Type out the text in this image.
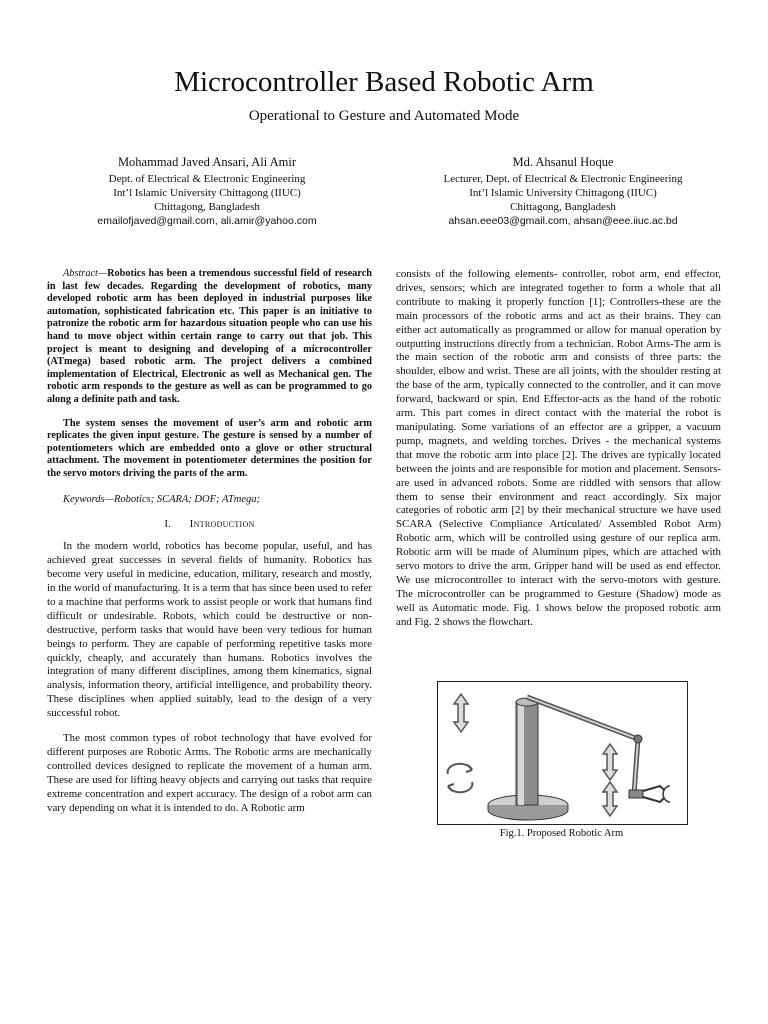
Microcontroller Based Robotic Arm
Operational to Gesture and Automated Mode
Mohammad Javed Ansari, Ali Amir
Dept. of Electrical & Electronic Engineering
Int’l Islamic University Chittagong (IIUC)
Chittagong, Bangladesh
emailofjaved@gmail.com, ali.amir@yahoo.com
Md. Ahsanul Hoque
Lecturer, Dept. of Electrical & Electronic Engineering
Int’l Islamic University Chittagong (IIUC)
Chittagong, Bangladesh
ahsan.eee03@gmail.com, ahsan@eee.iiuc.ac.bd

Abstract—Robotics has been a tremendous successful field of research in last few decades. Regarding the development of robotics, many developed robotic arm has been deployed in industrial purposes like automation, sophisticated fabrication etc. This paper is an initiative to patronize the robotic arm for hazardous situation people who can use his hand to move object within certain range to carry out that job. This project is meant to designing and developing of a microcontroller (ATmega) based robotic arm. The project delivers a combined implementation of Electrical, Electronic as well as Mechanical gen. The robotic arm responds to the gesture as well as can be programmed to go along a definite path and task.

The system senses the movement of user’s arm and robotic arm replicates the given input gesture. The gesture is sensed by a number of potentiometers which are embedded onto a glove or other structural attachment. The movement in potentiometer determines the position for the servo motors driving the parts of the arm.

Keywords—Robotics; SCARA; DOF; ATmega;

I. Introduction

In the modern world, robotics has become popular, useful, and has achieved great successes in several fields of humanity. Robotics has become very useful in medicine, education, military, research and mostly, in the world of manufacturing. It is a term that has since been used to refer to a machine that performs work to assist people or work that humans find difficult or undesirable. Robots, which could be destructive or non- destructive, perform tasks that would have been very tedious for human beings to perform. They are capable of performing repetitive tasks more quickly, cheaply, and accurately than humans. Robotics involves the integration of many different disciplines, among them kinematics, signal analysis, information theory, artificial intelligence, and probability theory. These disciplines when applied suitably, lead to the design of a very successful robot.

The most common types of robot technology that have evolved for different purposes are Robotic Arms. The Robotic arms are mechanically controlled devices designed to replicate the movement of a human arm. These are used for lifting heavy objects and carrying out tasks that require extreme concentration and expert accuracy. The design of a robot arm can vary depending on what it is intended to do. A Robotic arm

consists of the following elements- controller, robot arm, end effector, drives, sensors; which are integrated together to form a whole that all contribute to making it properly function [1]; Controllers-these are the main processors of the robotic arms and act as their brains. They can either act automatically as programmed or allow for manual operation by outputting instructions directly from a technician. Robot Arms-The arm is the main section of the robotic arm and consists of three parts: the shoulder, elbow and wrist. These are all joints, with the shoulder resting at the base of the arm, typically connected to the controller, and it can move forward, backward or spin. End Effector-acts as the hand of the robotic arm. This part comes in direct contact with the material the robot is manipulating. Some variations of an effector are a gripper, a vacuum pump, magnets, and welding torches. Drives - the mechanical systems that move the robotic arm into place [2]. The drives are typically located between the joints and are responsible for motion and placement. Sensors-are used in advanced robots. Some are riddled with sensors that allow them to sense their environment and react accordingly. Six major categories of robotic arm [2] by their mechanical structure we have used SCARA (Selective Compliance Articulated/ Assembled Robot Arm) Robotic arm, which will be controlled using gesture of our replica arm. Robotic arm will be made of Aluminum pipes, which are attached with servo motors to drive the arm. Gripper hand will be used as end effector. We use microcontroller to interact with the servo-motors with gesture. The microcontroller can be programmed to Gesture (Shadow) mode as well as Automatic mode. Fig. 1 shows below the proposed robotic arm and Fig. 2 shows the flowchart.

Fig.1. Proposed Robotic Arm
